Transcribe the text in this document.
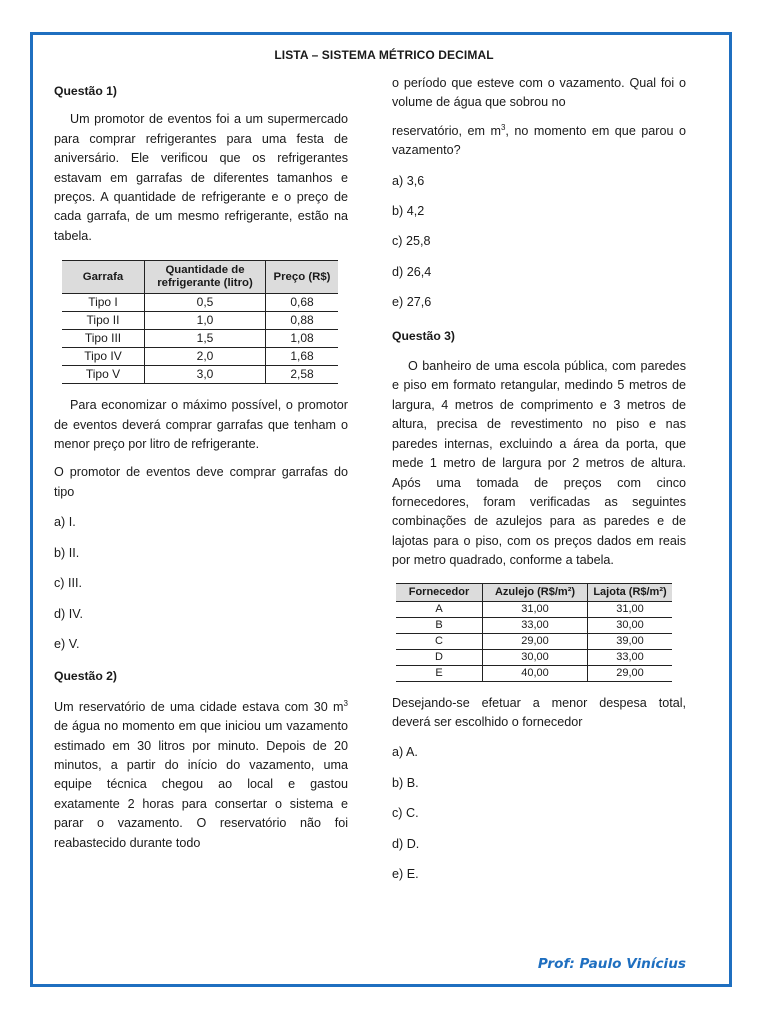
LISTA – SISTEMA MÉTRICO DECIMAL

Questão 1)

Um promotor de eventos foi a um supermercado para comprar refrigerantes para uma festa de aniversário. Ele verificou que os refrigerantes estavam em garrafas de diferentes tamanhos e preços. A quantidade de refrigerante e o preço de cada garrafa, de um mesmo refrigerante, estão na tabela.

Garrafa	Quantidade de refrigerante (litro)	Preço (R$)
Tipo I	0,5	0,68
Tipo II	1,0	0,88
Tipo III	1,5	1,08
Tipo IV	2,0	1,68
Tipo V	3,0	2,58

Para economizar o máximo possível, o promotor de eventos deverá comprar garrafas que tenham o menor preço por litro de refrigerante.

O promotor de eventos deve comprar garrafas do tipo

a) I.

b) II.

c) III.

d) IV.

e) V.

Questão 2)

Um reservatório de uma cidade estava com 30 $m^3$ de água no momento em que iniciou um vazamento estimado em 30 litros por minuto. Depois de 20 minutos, a partir do início do vazamento, uma equipe técnica chegou ao local e gastou exatamente 2 horas para consertar o sistema e parar o vazamento. O reservatório não foi reabastecido durante todo

o período que esteve com o vazamento. Qual foi o volume de água que sobrou no

reservatório, em $m^3$, no momento em que parou o vazamento?

a) 3,6

b) 4,2

c) 25,8

d) 26,4

e) 27,6

Questão 3)

O banheiro de uma escola pública, com paredes e piso em formato retangular, medindo 5 metros de largura, 4 metros de comprimento e 3 metros de altura, precisa de revestimento no piso e nas paredes internas, excluindo a área da porta, que mede 1 metro de largura por 2 metros de altura. Após uma tomada de preços com cinco fornecedores, foram verificadas as seguintes combinações de azulejos para as paredes e de lajotas para o piso, com os preços dados em reais por metro quadrado, conforme a tabela.

Fornecedor	Azulejo (R$/m²)	Lajota (R$/m²)
A	31,00	31,00
B	33,00	30,00
C	29,00	39,00
D	30,00	33,00
E	40,00	29,00

Desejando-se efetuar a menor despesa total, deverá ser escolhido o fornecedor

a) A.

b) B.

c) C.

d) D.

e) E.

Prof: Paulo Vinícius
